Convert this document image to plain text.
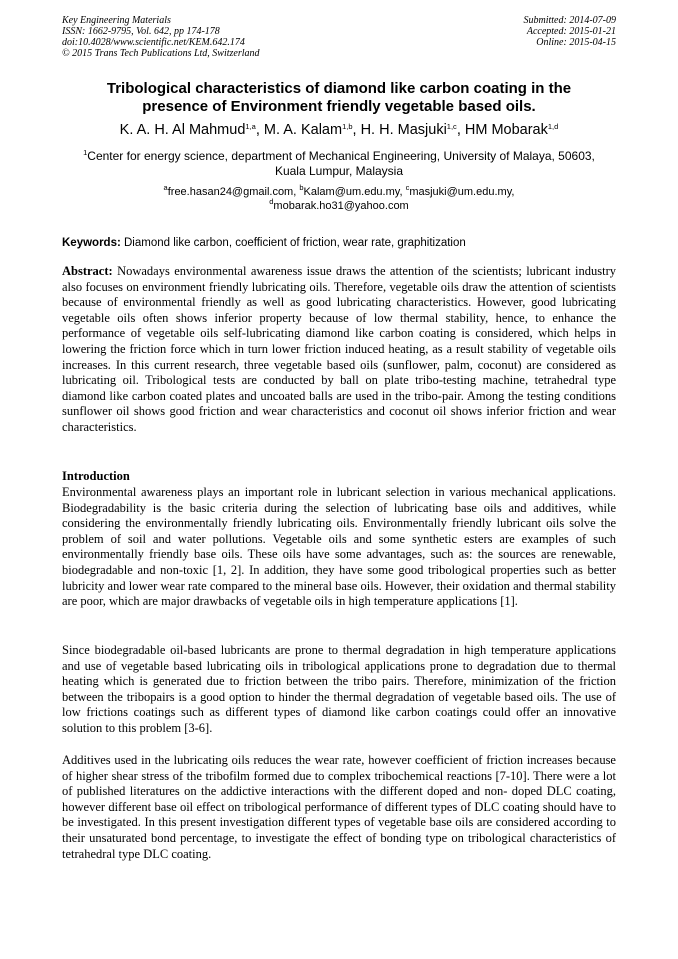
Key Engineering Materials
ISSN: 1662-9795, Vol. 642, pp 174-178
doi:10.4028/www.scientific.net/KEM.642.174
© 2015 Trans Tech Publications Ltd, Switzerland
Submitted: 2014-07-09
Accepted: 2015-01-21
Online: 2015-04-15
Tribological characteristics of diamond like carbon coating in the
presence of Environment friendly vegetable based oils.
K. A. H. Al Mahmud$^{1,a}$, M. A. Kalam$^{1,b}$, H. H. Masjuki$^{1,c}$, HM Mobarak$^{1,d}$
$^1$Center for energy science, department of Mechanical Engineering, University of Malaya, 50603,
Kuala Lumpur, Malaysia
$^a$free.hasan24@gmail.com, $^b$Kalam@um.edu.my, $^c$masjuki@um.edu.my,
$^d$mobarak.ho31@yahoo.com
Keywords: Diamond like carbon, coefficient of friction, wear rate, graphitization
Abstract: Nowadays environmental awareness issue draws the attention of the scientists; lubricant industry also focuses on environment friendly lubricating oils. Therefore, vegetable oils draw the attention of scientists because of environmental friendly as well as good lubricating characteristics. However, good lubricating vegetable oils often shows inferior property because of low thermal stability, hence, to enhance the performance of vegetable oils self-lubricating diamond like carbon coating is considered, which helps in lowering the friction force which in turn lower friction induced heating, as a result stability of vegetable oils increases. In this current research, three vegetable based oils (sunflower, palm, coconut) are considered as lubricating oil. Tribological tests are conducted by ball on plate tribo-testing machine, tetrahedral type diamond like carbon coated plates and uncoated balls are used in the tribo-pair. Among the testing conditions sunflower oil shows good friction and wear characteristics and coconut oil shows inferior friction and wear characteristics.
Introduction
Environmental awareness plays an important role in lubricant selection in various mechanical applications. Biodegradability is the basic criteria during the selection of lubricating base oils and additives, while considering the environmentally friendly lubricating oils. Environmentally friendly lubricant oils solve the problem of soil and water pollutions. Vegetable oils and some synthetic esters are examples of such environmentally friendly base oils. These oils have some advantages, such as: the sources are renewable, biodegradable and non-toxic [1, 2]. In addition, they have some good tribological properties such as better lubricity and lower wear rate compared to the mineral base oils. However, their oxidation and thermal stability are poor, which are major drawbacks of vegetable oils in high temperature applications [1].
Since biodegradable oil-based lubricants are prone to thermal degradation in high temperature applications and use of vegetable based lubricating oils in tribological applications prone to degradation due to thermal heating which is generated due to friction between the tribo pairs. Therefore, minimization of the friction between the tribopairs is a good option to hinder the thermal degradation of vegetable based oils. The use of low frictions coatings such as different types of diamond like carbon coatings could offer an innovative solution to this problem [3-6].
Additives used in the lubricating oils reduces the wear rate, however coefficient of friction increases because of higher shear stress of the tribofilm formed due to complex tribochemical reactions [7-10]. There were a lot of published literatures on the addictive interactions with the different doped and non- doped DLC coating, however different base oil effect on tribological performance of different types of DLC coating should have to be investigated. In this present investigation different types of vegetable base oils are considered according to their unsaturated bond percentage, to investigate the effect of bonding type on tribological characteristics of tetrahedral type DLC coating.
